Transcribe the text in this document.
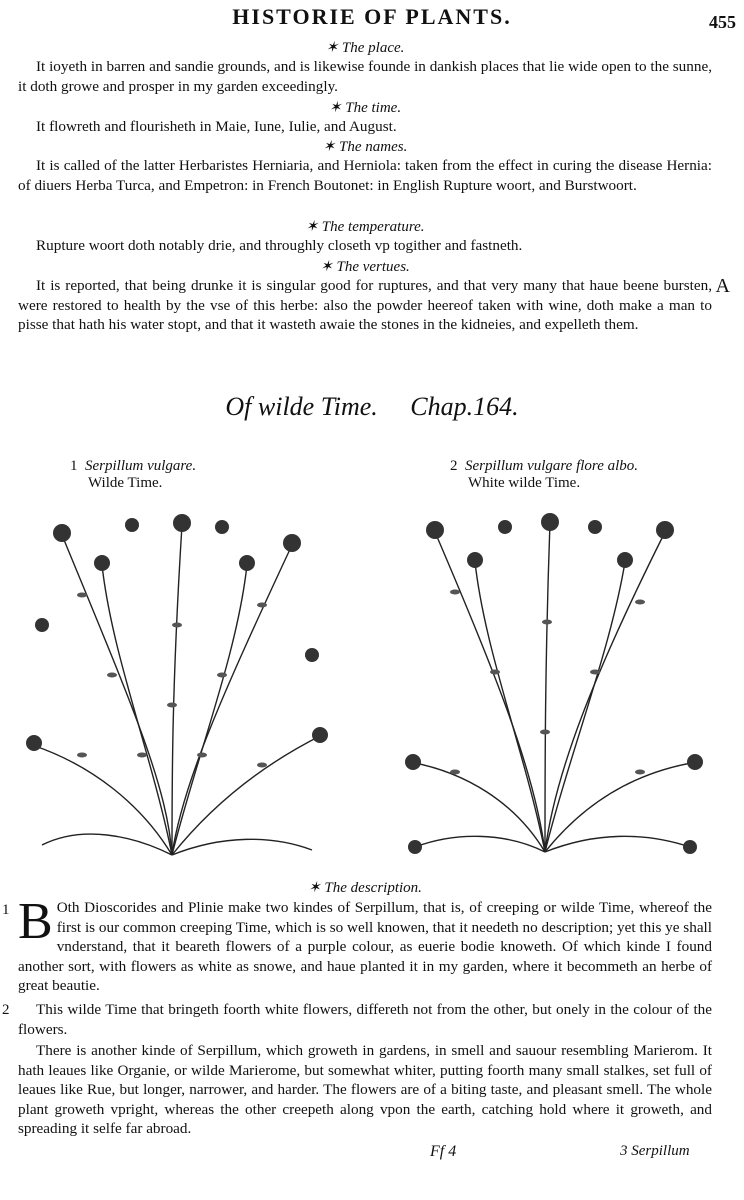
HISTORIE OF PLANTS.	455

✶ The place.

It ioyeth in barren and sandie grounds, and is likewise founde in dankish places that lie wide open to the sunne, it doth growe and prosper in my garden exceedingly.

✶ The time.

It flowreth and flourisheth in Maie, Iune, Iulie, and August.

✶ The names.

It is called of the latter Herbaristes Herniaria, and Herniola: taken from the effect in curing the disease Hernia: of diuers Herba Turca, and Empetron: in French Boutonet: in English Rupture woort, and Burstwoort.

✶ The temperature.

Rupture woort doth notably drie, and throughly closeth vp togither and fastneth.

✶ The vertues.

It is reported, that being drunke it is singular good for ruptures, and that very many that haue beene bursten, were restored to health by the vse of this herbe: also the powder heereof taken with wine, doth make a man to pisse that hath his water stopt, and that it wasteth awaie the stones in the kidneies, and expelleth them.

A
Of wilde Time. Chap.164.
1 Serpillum vulgare.
Wilde Time.
2 Serpillum vulgare flore albo.
White wilde Time.

✶ The description.

1 B Oth Dioscorides and Plinie make two kindes of Serpillum, that is, of creeping or wilde Time, whereof the first is our common creeping Time, which is so well knowen, that it needeth no description; yet this ye shall vnderstand, that it beareth flowers of a purple colour, as euerie bodie knoweth. Of which kinde I found another sort, with flowers as white as snowe, and haue planted it in my garden, where it becommeth an herbe of great beautie.

2	This wilde Time that bringeth foorth white flowers, differeth not from the other, but onely in the colour of the flowers.

There is another kinde of Serpillum, which groweth in gardens, in smell and sauour resembling Marierom. It hath leaues like Organie, or wilde Marierome, but somewhat whiter, putting foorth many small stalkes, set full of leaues like Rue, but longer, narrower, and harder. The flowers are of a biting taste, and pleasant smell. The whole plant groweth vpright, whereas the other creepeth along vpon the earth, catching hold where it groweth, and spreading it selfe far abroad.

Ff 4	3 Serpillum
